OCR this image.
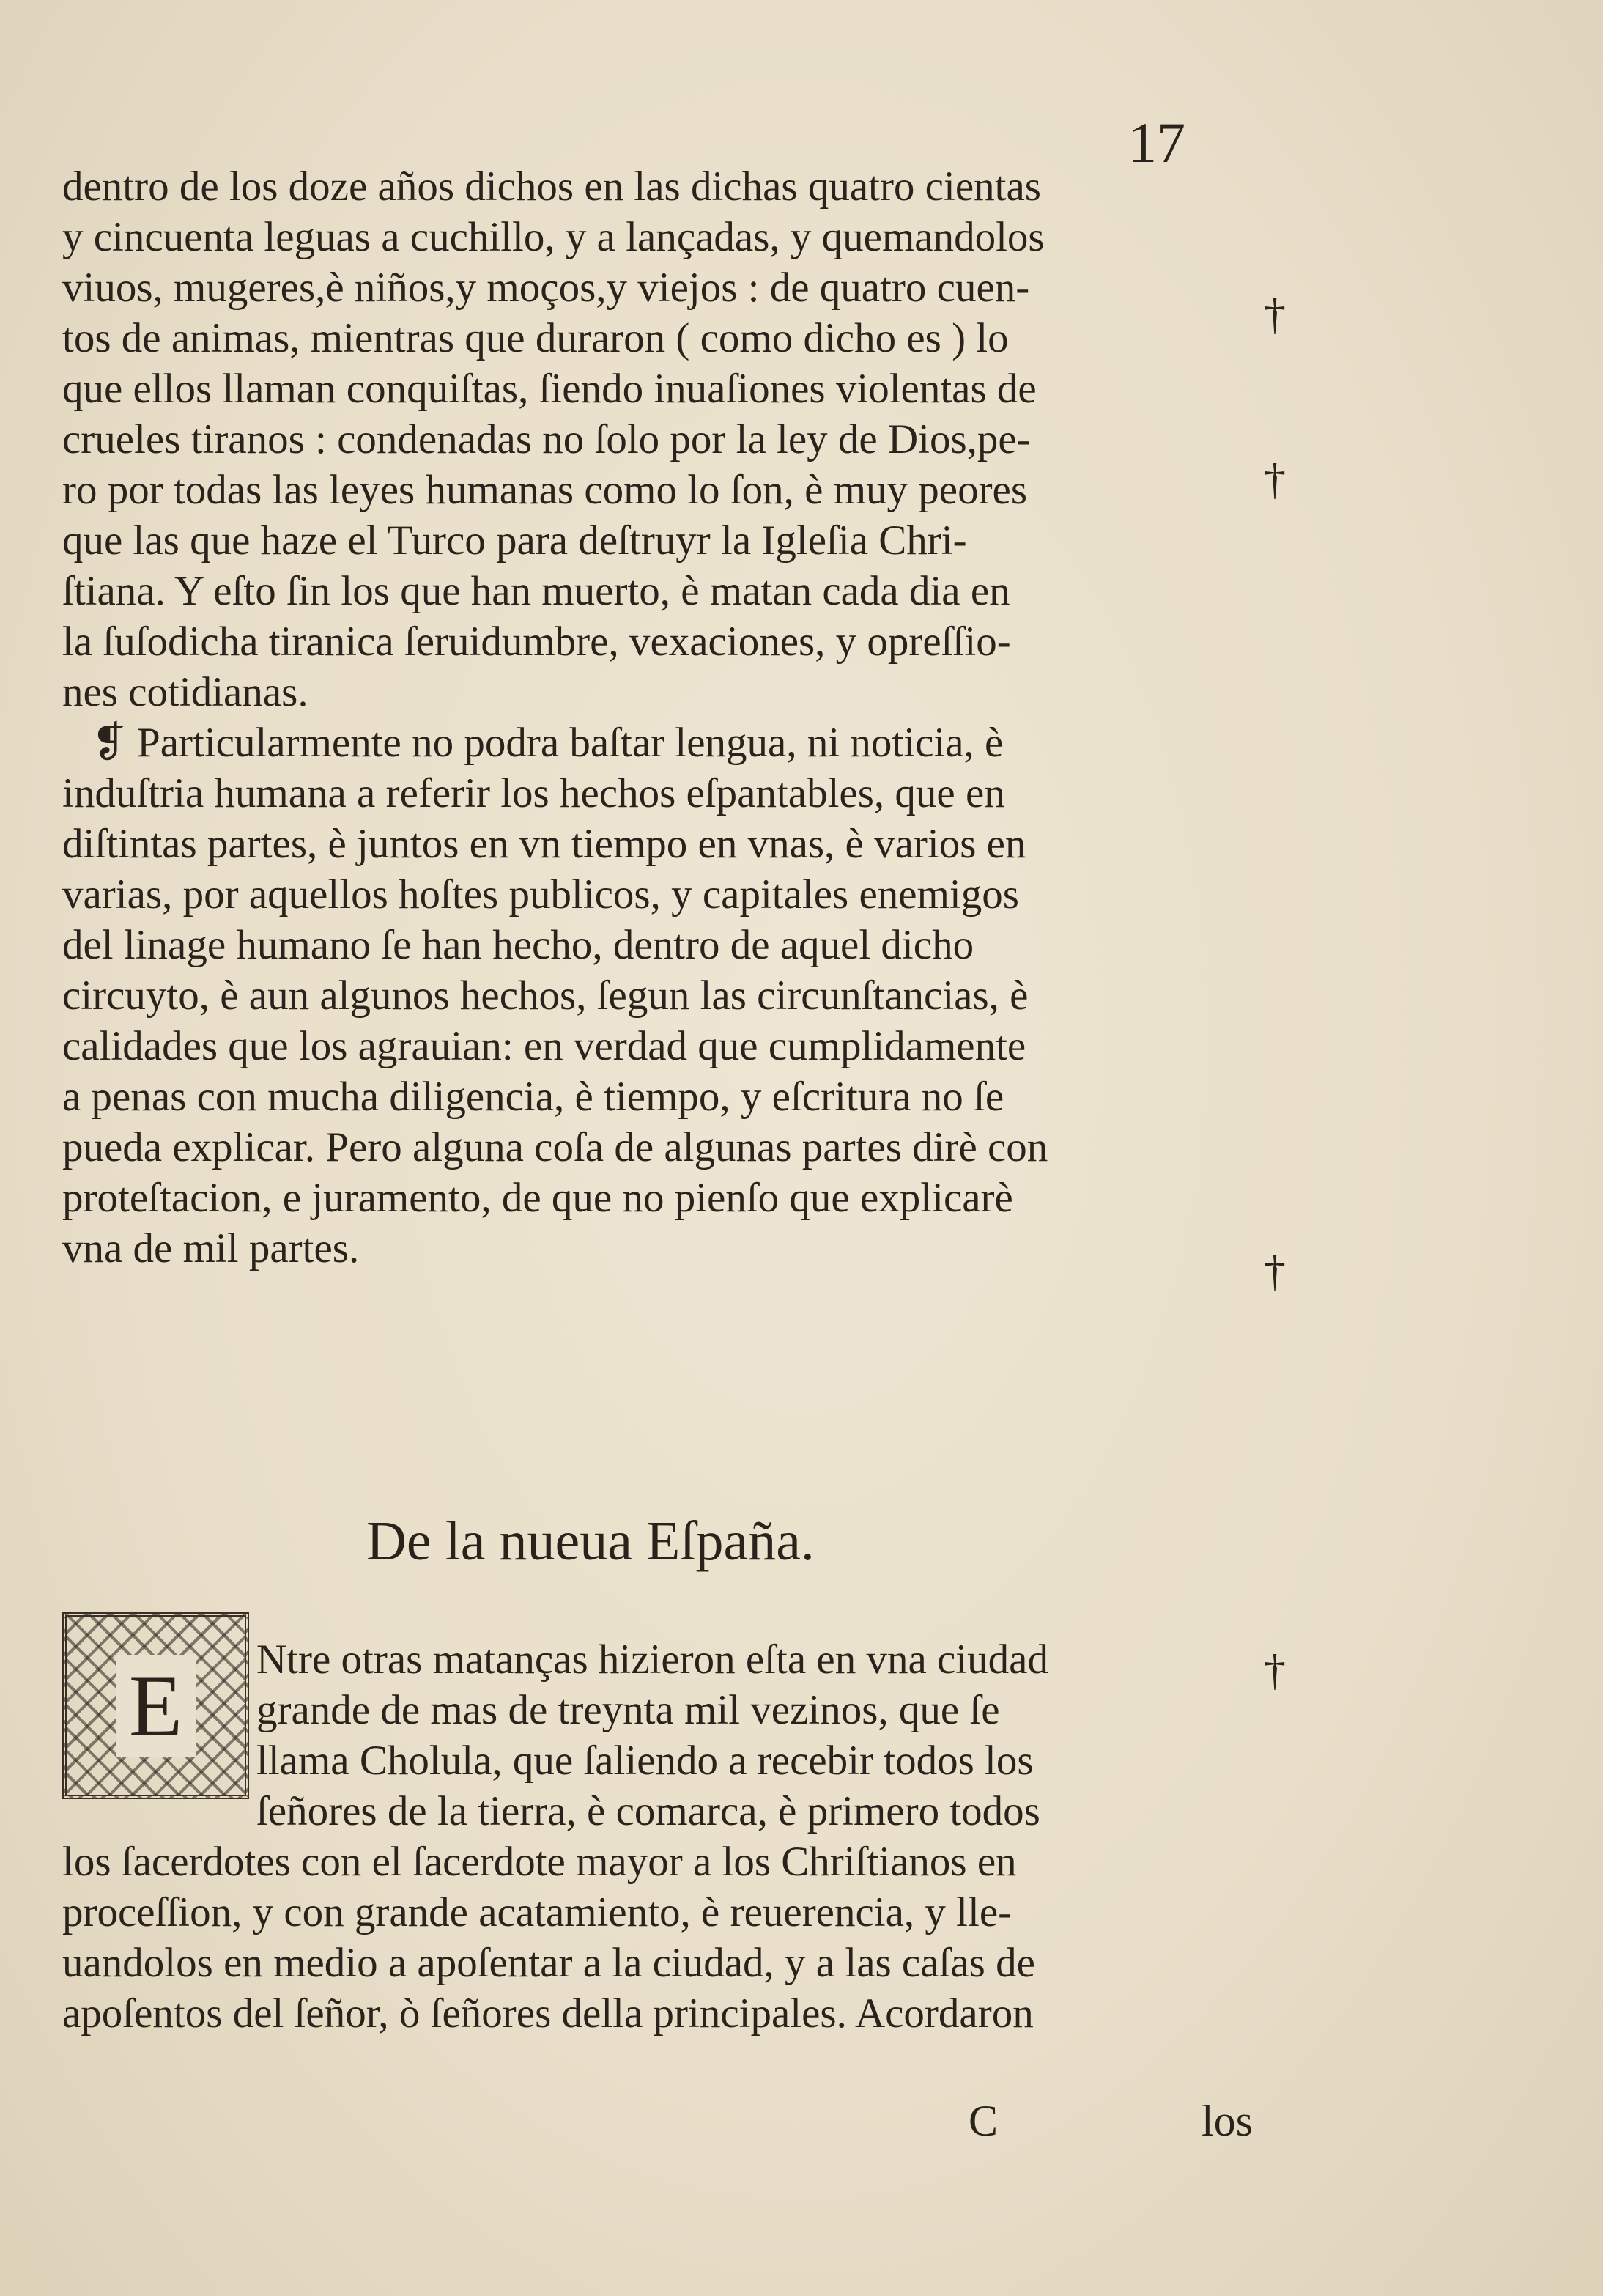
17
dentro de los doze años dichos en las dichas quatro cientas
y cincuenta leguas a cuchillo, y a lançadas, y quemandolos
viuos, mugeres,è niños,y moços,y viejos : de quatro cuen-
tos de animas, mientras que duraron ( como dicho es ) lo
que ellos llaman conquiſtas, ſiendo inuaſiones violentas de
crueles tiranos : condenadas no ſolo por la ley de Dios,pe-
ro por todas las leyes humanas como lo ſon, è muy peores
que las que haze el Turco para deſtruyr la Igleſia Chri-
ſtiana. Y eſto ſin los que han muerto, è matan cada dia en
la ſuſodicha tiranica ſeruidumbre, vexaciones, y opreſſio-
nes cotidianas.
❡ Particularmente no podra baſtar lengua, ni noticia, è
induſtria humana a referir los hechos eſpantables, que en
diſtintas partes, è juntos en vn tiempo en vnas, è varios en
varias, por aquellos hoſtes publicos, y capitales enemigos
del linage humano ſe han hecho, dentro de aquel dicho
circuyto, è aun algunos hechos, ſegun las circunſtancias, è
calidades que los agrauian: en verdad que cumplidamente
a penas con mucha diligencia, è tiempo, y eſcritura no ſe
pueda explicar. Pero alguna coſa de algunas partes dirè con
proteſtacion, e juramento, de que no pienſo que explicarè
vna de mil partes.
†
†
†
†
De la nueua Eſpaña.
E	Ntre otras matanças hizieron eſta en vna ciudad
grande de mas de treynta mil vezinos, que ſe
llama Cholula, que ſaliendo a recebir todos los
ſeñores de la tierra, è comarca, è primero todos
los ſacerdotes con el ſacerdote mayor a los Chriſtianos en
proceſſion, y con grande acatamiento, è reuerencia, y lle-
uandolos en medio a apoſentar a la ciudad, y a las caſas de
apoſentos del ſeñor, ò ſeñores della principales. Acordaron
C	los
